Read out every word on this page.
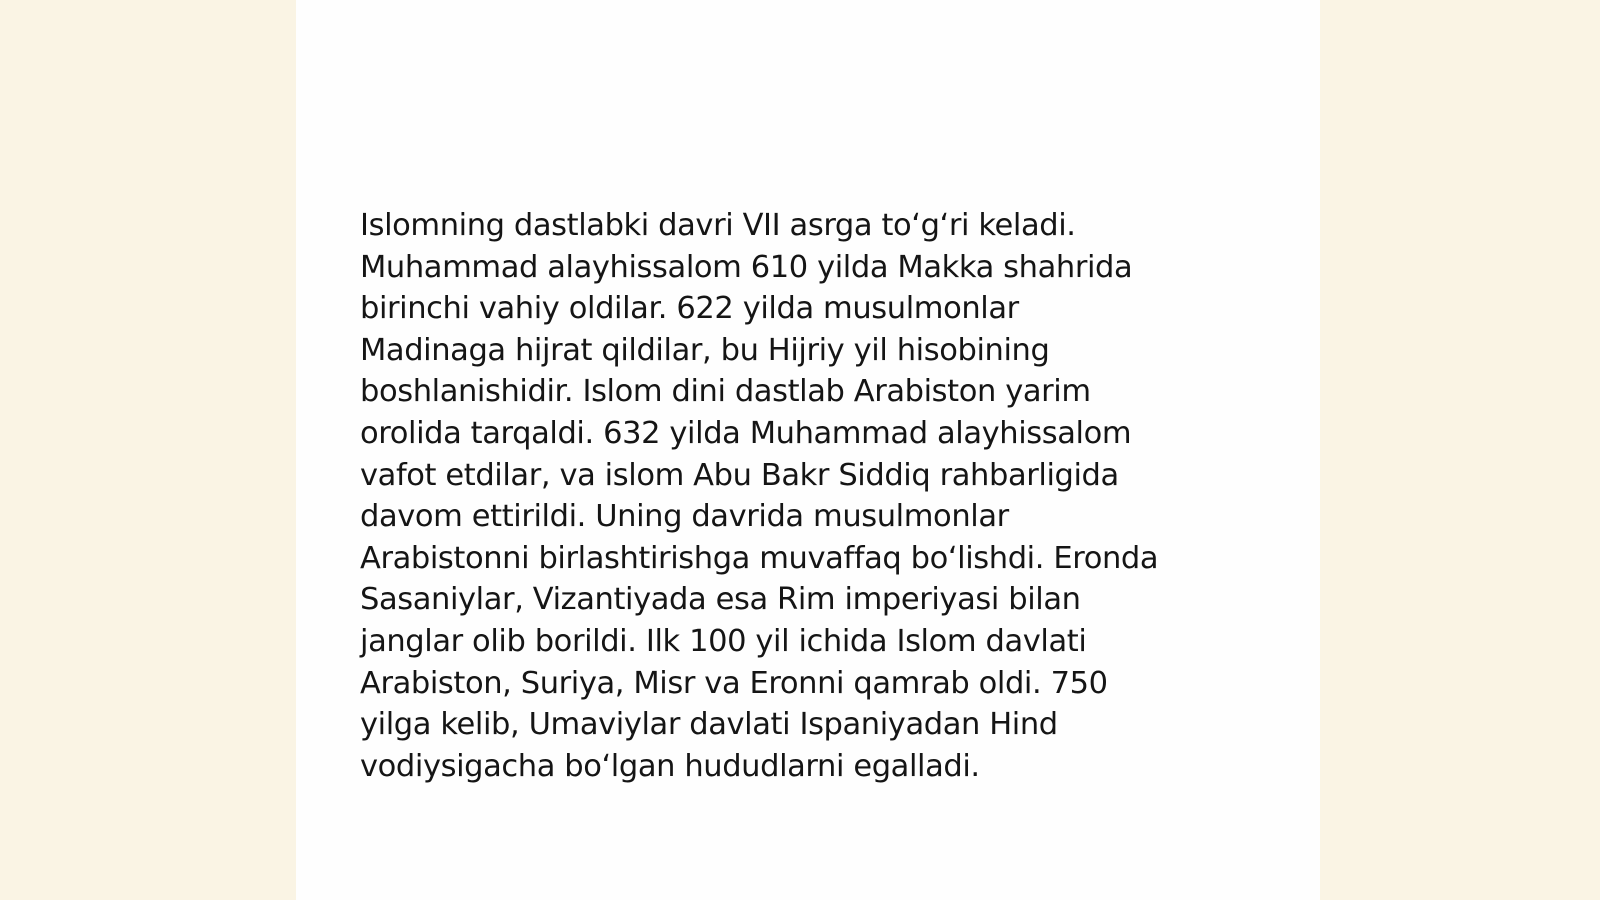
Islomning dastlabki davri VII asrga to‘g‘ri keladi.
Muhammad alayhissalom 610 yilda Makka shahrida
birinchi vahiy oldilar. 622 yilda musulmonlar
Madinaga hijrat qildilar, bu Hijriy yil hisobining
boshlanishidir. Islom dini dastlab Arabiston yarim
orolida tarqaldi. 632 yilda Muhammad alayhissalom
vafot etdilar, va islom Abu Bakr Siddiq rahbarligida
davom ettirildi. Uning davrida musulmonlar
Arabistonni birlashtirishga muvaffaq bo‘lishdi. Eronda
Sasaniylar, Vizantiyada esa Rim imperiyasi bilan
janglar olib borildi. Ilk 100 yil ichida Islom davlati
Arabiston, Suriya, Misr va Eronni qamrab oldi. 750
yilga kelib, Umaviylar davlati Ispaniyadan Hind
vodiysigacha bo‘lgan hududlarni egalladi.
